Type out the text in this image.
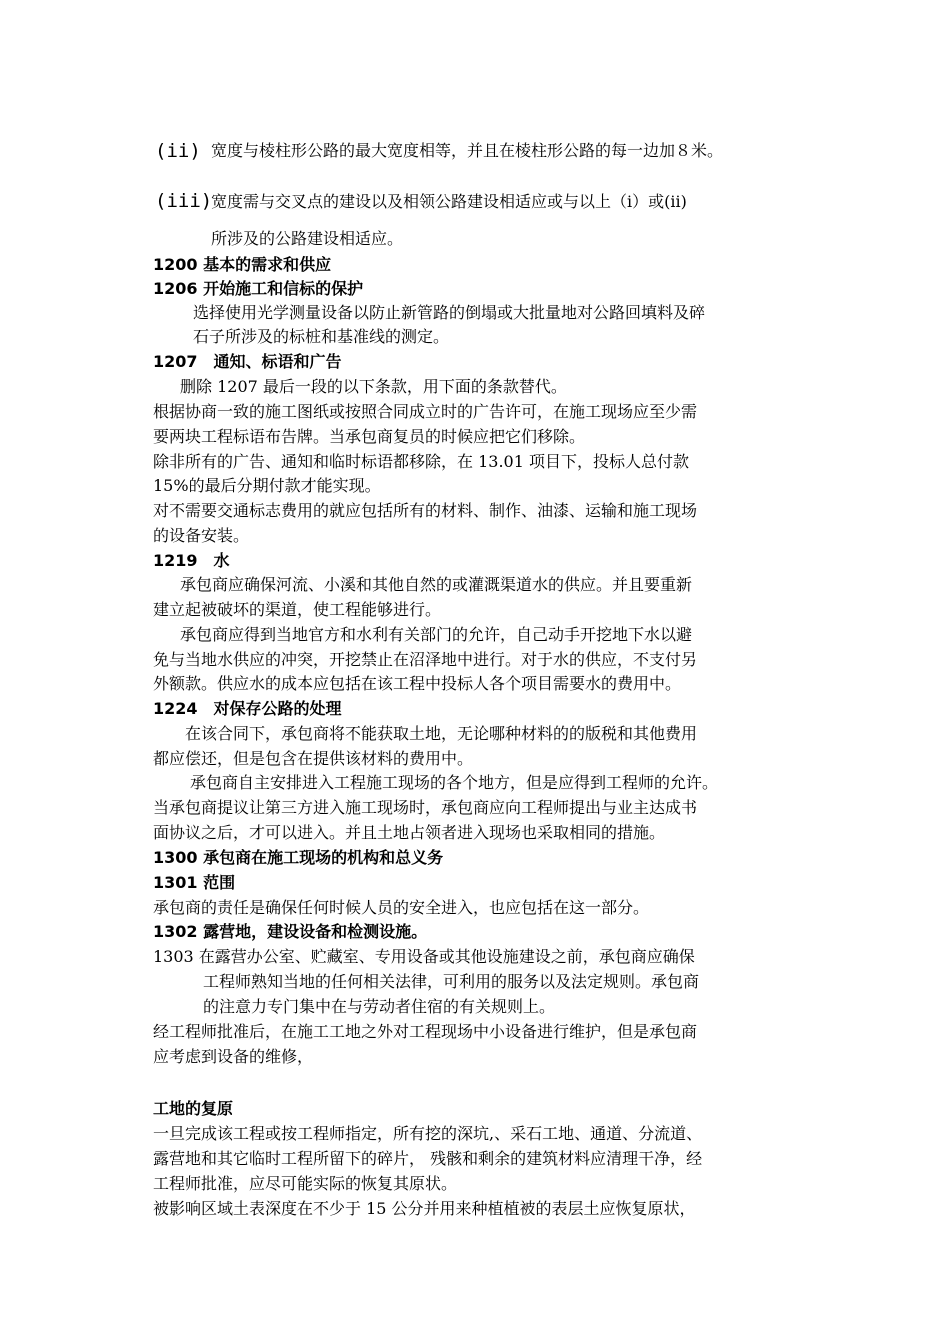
(ii) 宽度与棱柱形公路的最大宽度相等，并且在棱柱形公路的每一边加８米。
(iii)
宽度需与交叉点的建设以及相领公路建设相适应或与以上（i）或(ii)
所涉及的公路建设相适应。
1200 基本的需求和供应
1206 开始施工和信标的保护
选择使用光学测量设备以防止新管路的倒塌或大批量地对公路回填料及碎
石子所涉及的标桩和基准线的测定。
1207　通知、标语和广告
删除 1207 最后一段的以下条款，用下面的条款替代。
根据协商一致的施工图纸或按照合同成立时的广告许可，在施工现场应至少需
要两块工程标语布告牌。当承包商复员的时候应把它们移除。
除非所有的广告、通知和临时标语都移除，在 13.01 项目下，投标人总付款
15%的最后分期付款才能实现。
对不需要交通标志费用的就应包括所有的材料、制作、油漆、运输和施工现场
的设备安装。
1219　水
承包商应确保河流、小溪和其他自然的或灌溉渠道水的供应。并且要重新
建立起被破坏的渠道，使工程能够进行。
承包商应得到当地官方和水利有关部门的允许，自己动手开挖地下水以避
免与当地水供应的冲突，开挖禁止在沼泽地中进行。对于水的供应，不支付另
外额款。供应水的成本应包括在该工程中投标人各个项目需要水的费用中。
1224　对保存公路的处理
在该合同下，承包商将不能获取土地，无论哪种材料的的版税和其他费用
都应偿还，但是包含在提供该材料的费用中。
承包商自主安排进入工程施工现场的各个地方，但是应得到工程师的允许。
当承包商提议让第三方进入施工现场时，承包商应向工程师提出与业主达成书
面协议之后，才可以进入。并且土地占领者进入现场也采取相同的措施。
1300 承包商在施工现场的机构和总义务
1301 范围
承包商的责任是确保任何时候人员的安全进入，也应包括在这一部分。
1302 露营地，建设设备和检测设施。
1303 在露营办公室、贮藏室、专用设备或其他设施建设之前，承包商应确保
工程师熟知当地的任何相关法律，可利用的服务以及法定规则。承包商
的注意力专门集中在与劳动者住宿的有关规则上。
经工程师批准后，在施工工地之外对工程现场中小设备进行维护，但是承包商
应考虑到设备的维修，
工地的复原
一旦完成该工程或按工程师指定，所有挖的深坑,、采石工地、通道、分流道、
露营地和其它临时工程所留下的碎片， 残骸和剩余的建筑材料应清理干净，经
工程师批准，应尽可能实际的恢复其原状。
被影响区域土表深度在不少于 15 公分并用来种植植被的表层土应恢复原状，
